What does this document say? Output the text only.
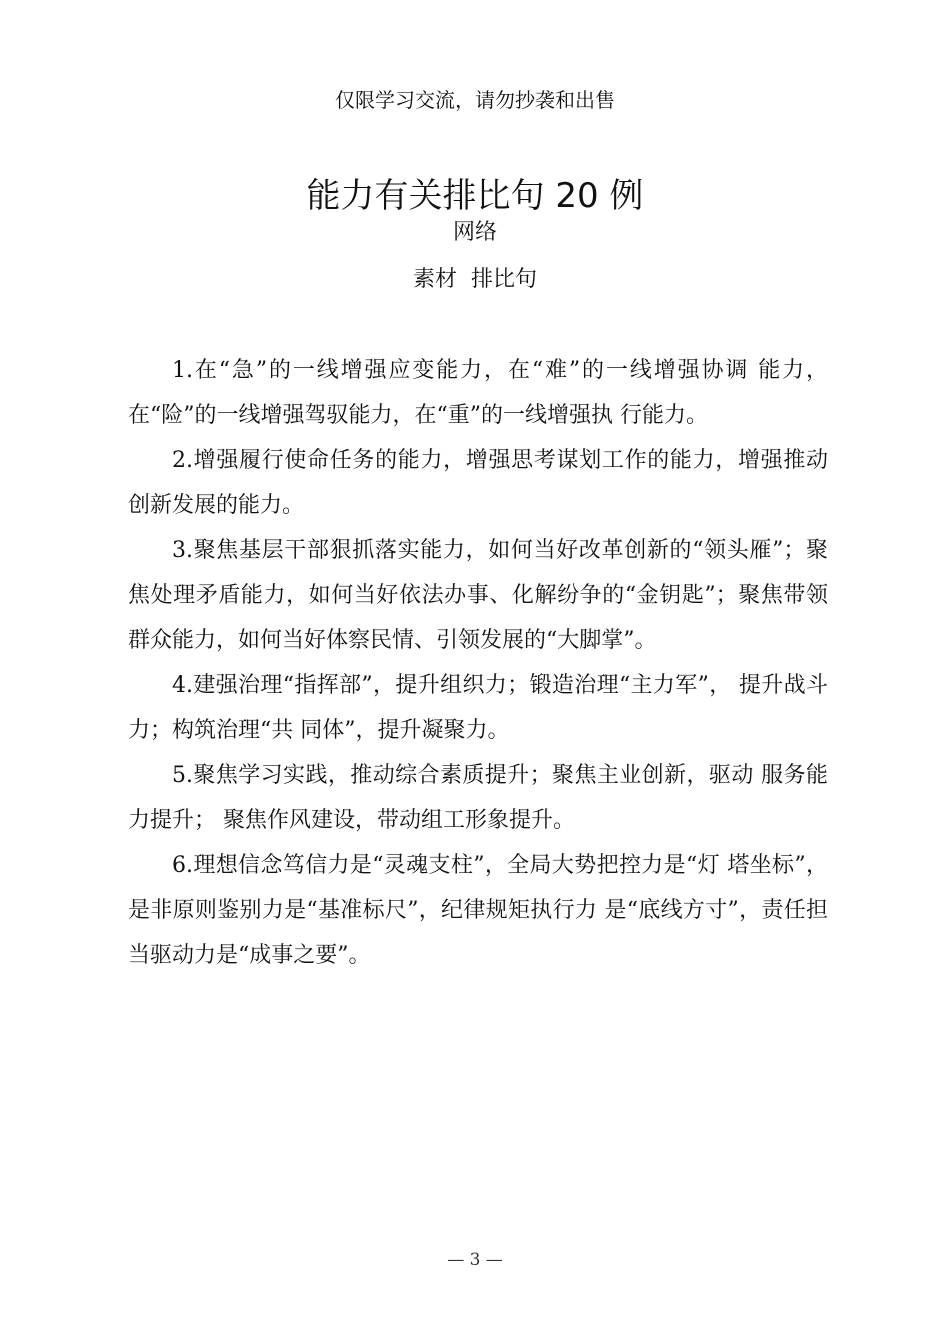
仅限学习交流，请勿抄袭和出售
能力有关排比句 20 例
网络
素材  排比句

1.在“急”的一线增强应变能力，在“难”的一线增强协调 能力，在“险”的一线增强驾驭能力，在“重”的一线增强执 行能力。

2.增强履行使命任务的能力，增强思考谋划工作的能力，增强推动创新发展的能力。

3.聚焦基层干部狠抓落实能力，如何当好改革创新的“领头雁”；聚焦处理矛盾能力，如何当好依法办事、化解纷争的“金钥匙”；聚焦带领群众能力，如何当好体察民情、引领发展的“大脚掌”。

4.建强治理“指挥部”，提升组织力；锻造治理“主力军”， 提升战斗力；构筑治理“共 同体”，提升凝聚力。

5.聚焦学习实践，推动综合素质提升；聚焦主业创新，驱动 服务能力提升； 聚焦作风建设，带动组工形象提升。

6.理想信念笃信力是“灵魂支柱”，全局大势把控力是“灯 塔坐标”，是非原则鉴别力是“基准标尺”，纪律规矩执行力 是“底线方寸”，责任担当驱动力是“成事之要”。

— 3 —
